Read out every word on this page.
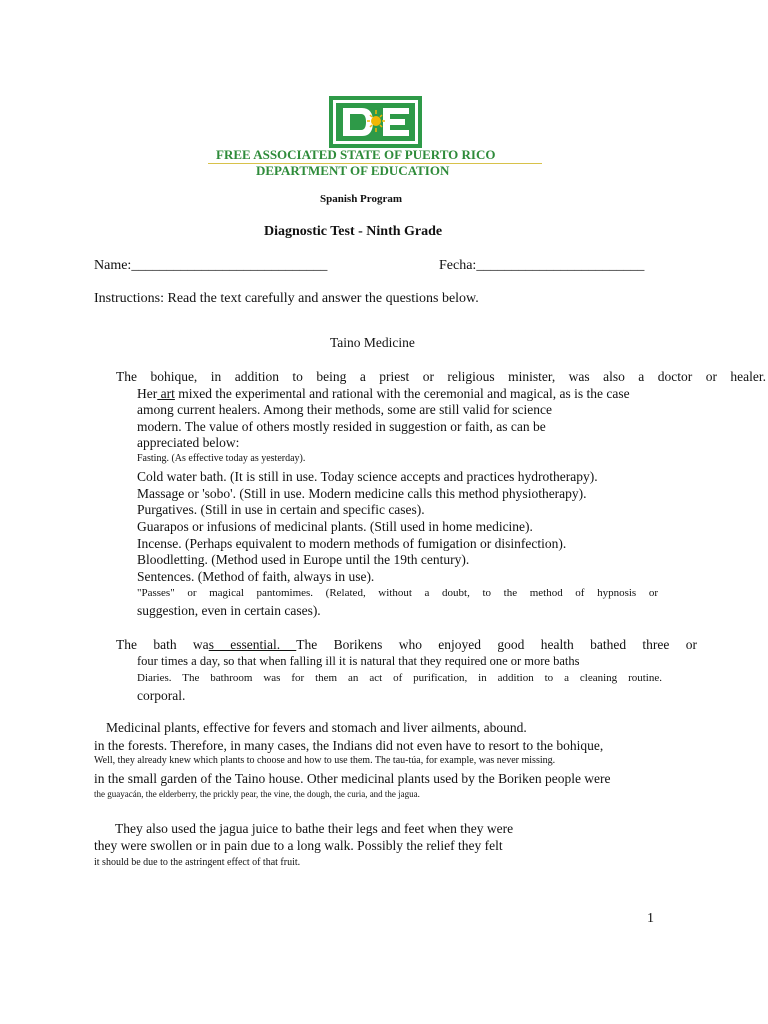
FREE ASSOCIATED STATE OF PUERTO RICO
DEPARTMENT OF EDUCATION
Spanish Program
Diagnostic Test - Ninth Grade
Name:____________________________	Fecha:________________________
Instructions: Read the text carefully and answer the questions below.
Taino Medicine
The bohique, in addition to being a priest or religious minister, was also a doctor or healer.
Her art mixed the experimental and rational with the ceremonial and magical, as is the case
among current healers. Among their methods, some are still valid for science
modern. The value of others mostly resided in suggestion or faith, as can be
appreciated below:
Fasting. (As effective today as yesterday).
Cold water bath. (It is still in use. Today science accepts and practices hydrotherapy).
Massage or 'sobo'. (Still in use. Modern medicine calls this method physiotherapy).
Purgatives. (Still in use in certain and specific cases).
Guarapos or infusions of medicinal plants. (Still used in home medicine).
Incense. (Perhaps equivalent to modern methods of fumigation or disinfection).
Bloodletting. (Method used in Europe until the 19th century).
Sentences. (Method of faith, always in use).
"Passes" or magical pantomimes. (Related, without a doubt, to the method of hypnosis or
suggestion, even in certain cases).
The bath was essential. The Borikens who enjoyed good health bathed three or
four times a day, so that when falling ill it is natural that they required one or more baths
Diaries. The bathroom was for them an act of purification, in addition to a cleaning routine.
corporal.
Medicinal plants, effective for fevers and stomach and liver ailments, abound.
in the forests. Therefore, in many cases, the Indians did not even have to resort to the bohique,
Well, they already knew which plants to choose and how to use them. The tau-túa, for example, was never missing.
in the small garden of the Taino house. Other medicinal plants used by the Boriken people were
the guayacán, the elderberry, the prickly pear, the vine, the dough, the curia, and the jagua.
They also used the jagua juice to bathe their legs and feet when they were
they were swollen or in pain due to a long walk. Possibly the relief they felt
it should be due to the astringent effect of that fruit.
1
